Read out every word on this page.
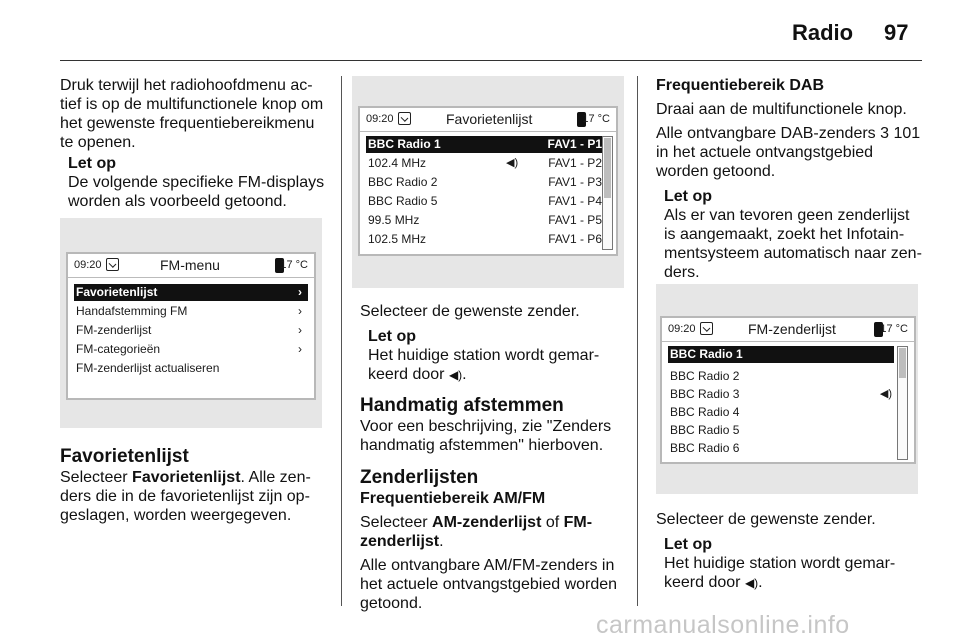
Radio 97

Druk terwijl het radiohoofdmenu ac- tief is op de multifunctionele knop om het gewenste frequentiebereikmenu te openen.

Let op

De volgende specifieke FM-displays worden als voorbeeld getoond.

09:20	FM-menu	17 °C
Favorietenlijst	›
Handafstemming FM	›
FM-zenderlijst	›
FM-categorieën	›
FM-zenderlijst actualiseren

Favorietenlijst

Selecteer Favorietenlijst. Alle zen- ders die in de favorietenlijst zijn op- geslagen, worden weergegeven.

09:20	Favorietenlijst	17 °C
BBC Radio 1	FAV1 - P1
102.4 MHz	◀)	FAV1 - P2
BBC Radio 2	FAV1 - P3
BBC Radio 5	FAV1 - P4
99.5 MHz	FAV1 - P5
102.5 MHz	FAV1 - P6

Selecteer de gewenste zender.

Let op

Het huidige station wordt gemar- keerd door ◀).

Handmatig afstemmen

Voor een beschrijving, zie "Zenders handmatig afstemmen" hierboven.

Zenderlijsten

Frequentiebereik AM/FM

Selecteer AM-zenderlijst of FM- zenderlijst.

Alle ontvangbare AM/FM-zenders in het actuele ontvangstgebied worden getoond.

Frequentiebereik DAB

Draai aan de multifunctionele knop.

Alle ontvangbare DAB-zenders 3 101 in het actuele ontvangstgebied worden getoond.

Let op

Als er van tevoren geen zenderlijst is aangemaakt, zoekt het Infotain- mentsysteem automatisch naar zen- ders.

09:20	FM-zenderlijst	17 °C
BBC Radio 1
BBC Radio 2
BBC Radio 3	◀)
BBC Radio 4
BBC Radio 5
BBC Radio 6

Selecteer de gewenste zender.

Let op

Het huidige station wordt gemar- keerd door ◀).

carmanualsonline.info
